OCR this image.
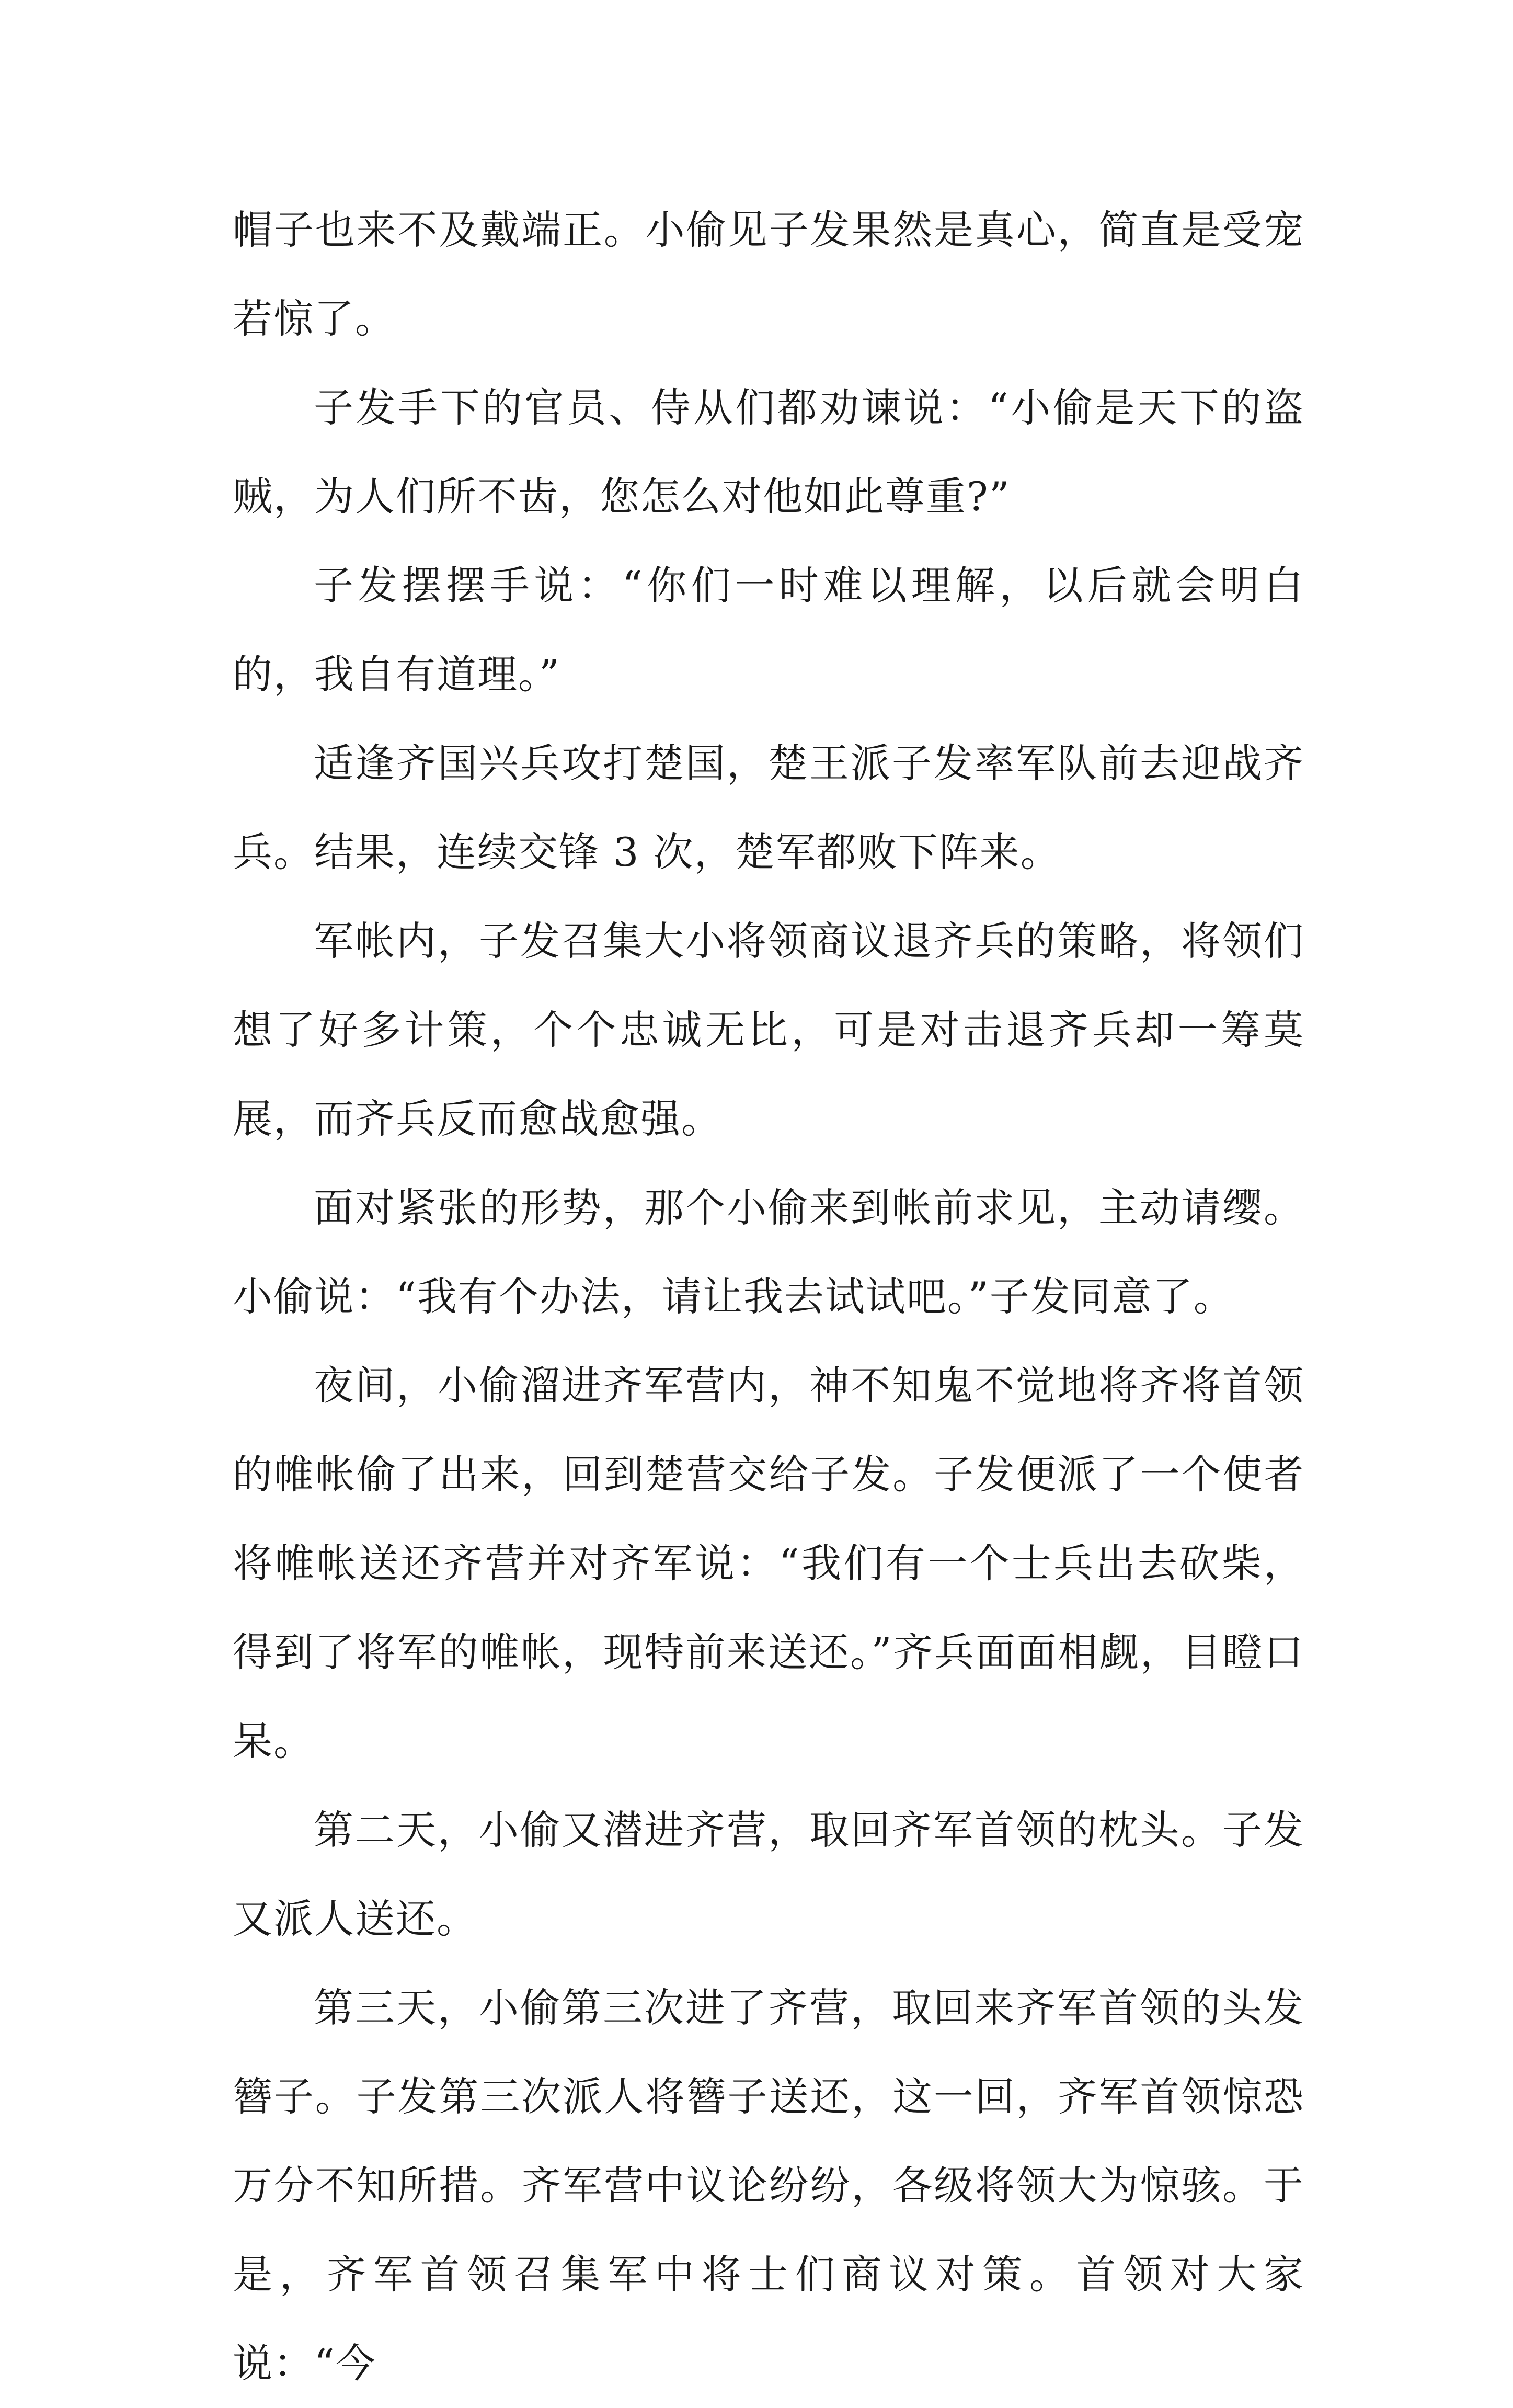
帽子也来不及戴端正。小偷见子发果然是真心，简直是受宠若惊了。

子发手下的官员、侍从们都劝谏说：“小偷是天下的盗贼，为人们所不齿，您怎么对他如此尊重?”

子发摆摆手说：“你们一时难以理解，以后就会明白的，我自有道理。”

适逢齐国兴兵攻打楚国，楚王派子发率军队前去迎战齐兵。结果，连续交锋 3 次，楚军都败下阵来。

军帐内，子发召集大小将领商议退齐兵的策略，将领们想了好多计策，个个忠诚无比，可是对击退齐兵却一筹莫展，而齐兵反而愈战愈强。

面对紧张的形势，那个小偷来到帐前求见，主动请缨。小偷说：“我有个办法，请让我去试试吧。”子发同意了。

夜间，小偷溜进齐军营内，神不知鬼不觉地将齐将首领的帷帐偷了出来，回到楚营交给子发。子发便派了一个使者将帷帐送还齐营并对齐军说：“我们有一个士兵出去砍柴，得到了将军的帷帐，现特前来送还。”齐兵面面相觑，目瞪口呆。

第二天，小偷又潜进齐营，取回齐军首领的枕头。子发又派人送还。

第三天，小偷第三次进了齐营，取回来齐军首领的头发簪子。子发第三次派人将簪子送还，这一回，齐军首领惊恐万分不知所措。齐军营中议论纷纷，各级将领大为惊骇。于是，齐军首领召集军中将士们商议对策。首领对大家说：“今
